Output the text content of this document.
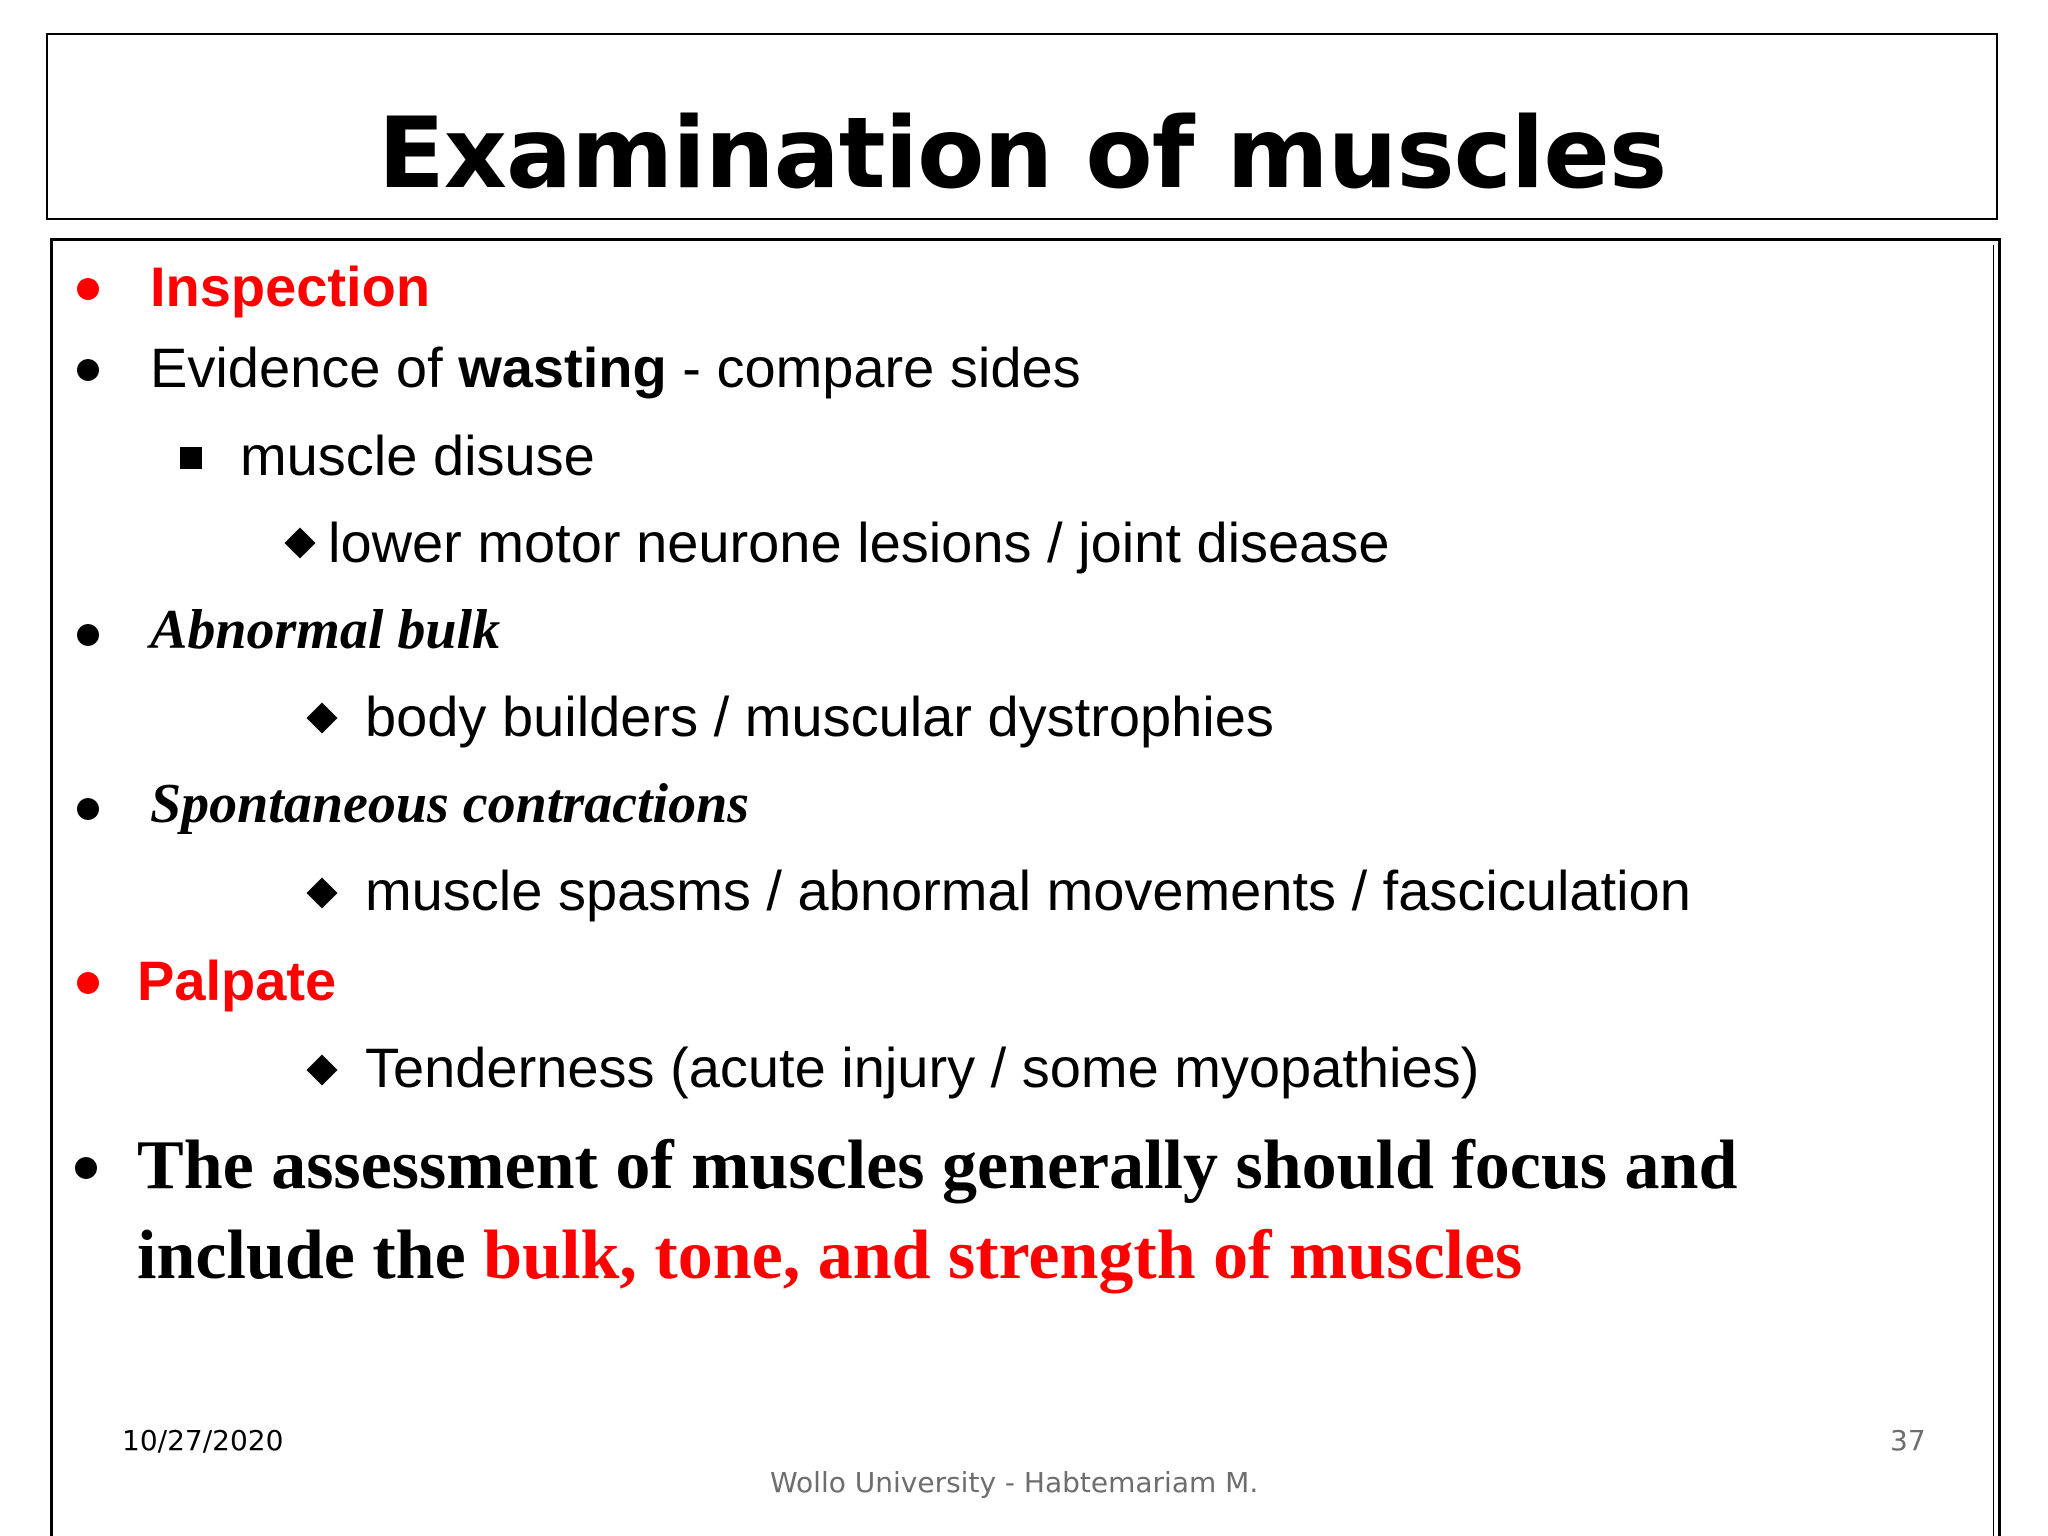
Examination of muscles
Inspection
Evidence of wasting - compare sides
muscle disuse
lower motor neurone lesions / joint disease
Abnormal bulk
body builders / muscular dystrophies
Spontaneous contractions
muscle spasms / abnormal movements / fasciculation
Palpate
Tenderness (acute injury / some myopathies)
The assessment of muscles generally should focus and
include the bulk, tone, and strength of muscles
10/27/2020	37
Wollo University - Habtemariam M.
